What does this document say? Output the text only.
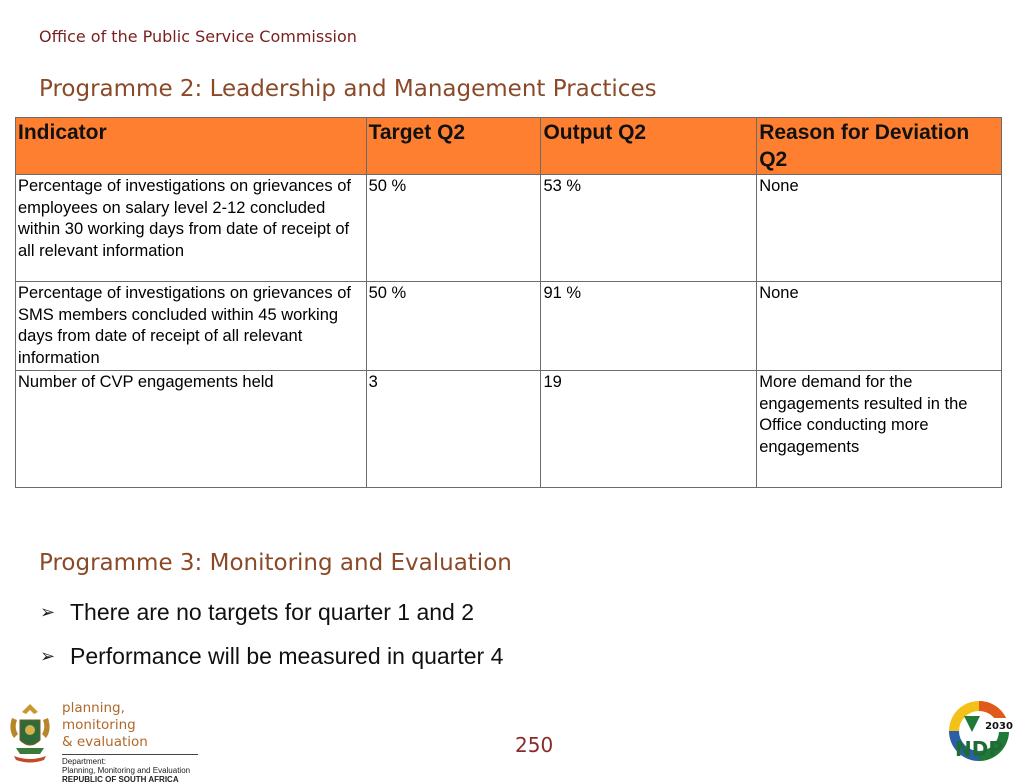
Office of the Public Service Commission
Programme 2: Leadership and Management Practices
Indicator	Target Q2	Output Q2	Reason for Deviation Q2
Percentage of investigations on grievances of employees on salary level 2-12 concluded within 30 working days from date of receipt of all relevant information	50 %	53 %	None
Percentage of investigations on grievances of SMS members concluded within 45 working days from date of receipt of all relevant information	50 %	91 %	None
Number of CVP engagements held	3	19	More demand for the engagements resulted in the Office conducting more engagements
Programme 3: Monitoring and Evaluation
➢ There are no targets for quarter 1 and 2
➢ Performance will be measured in quarter 4
250
planning, monitoring
& evaluation
Department:
Planning, Monitoring and Evaluation
REPUBLIC OF SOUTH AFRICA
2030
NDP
